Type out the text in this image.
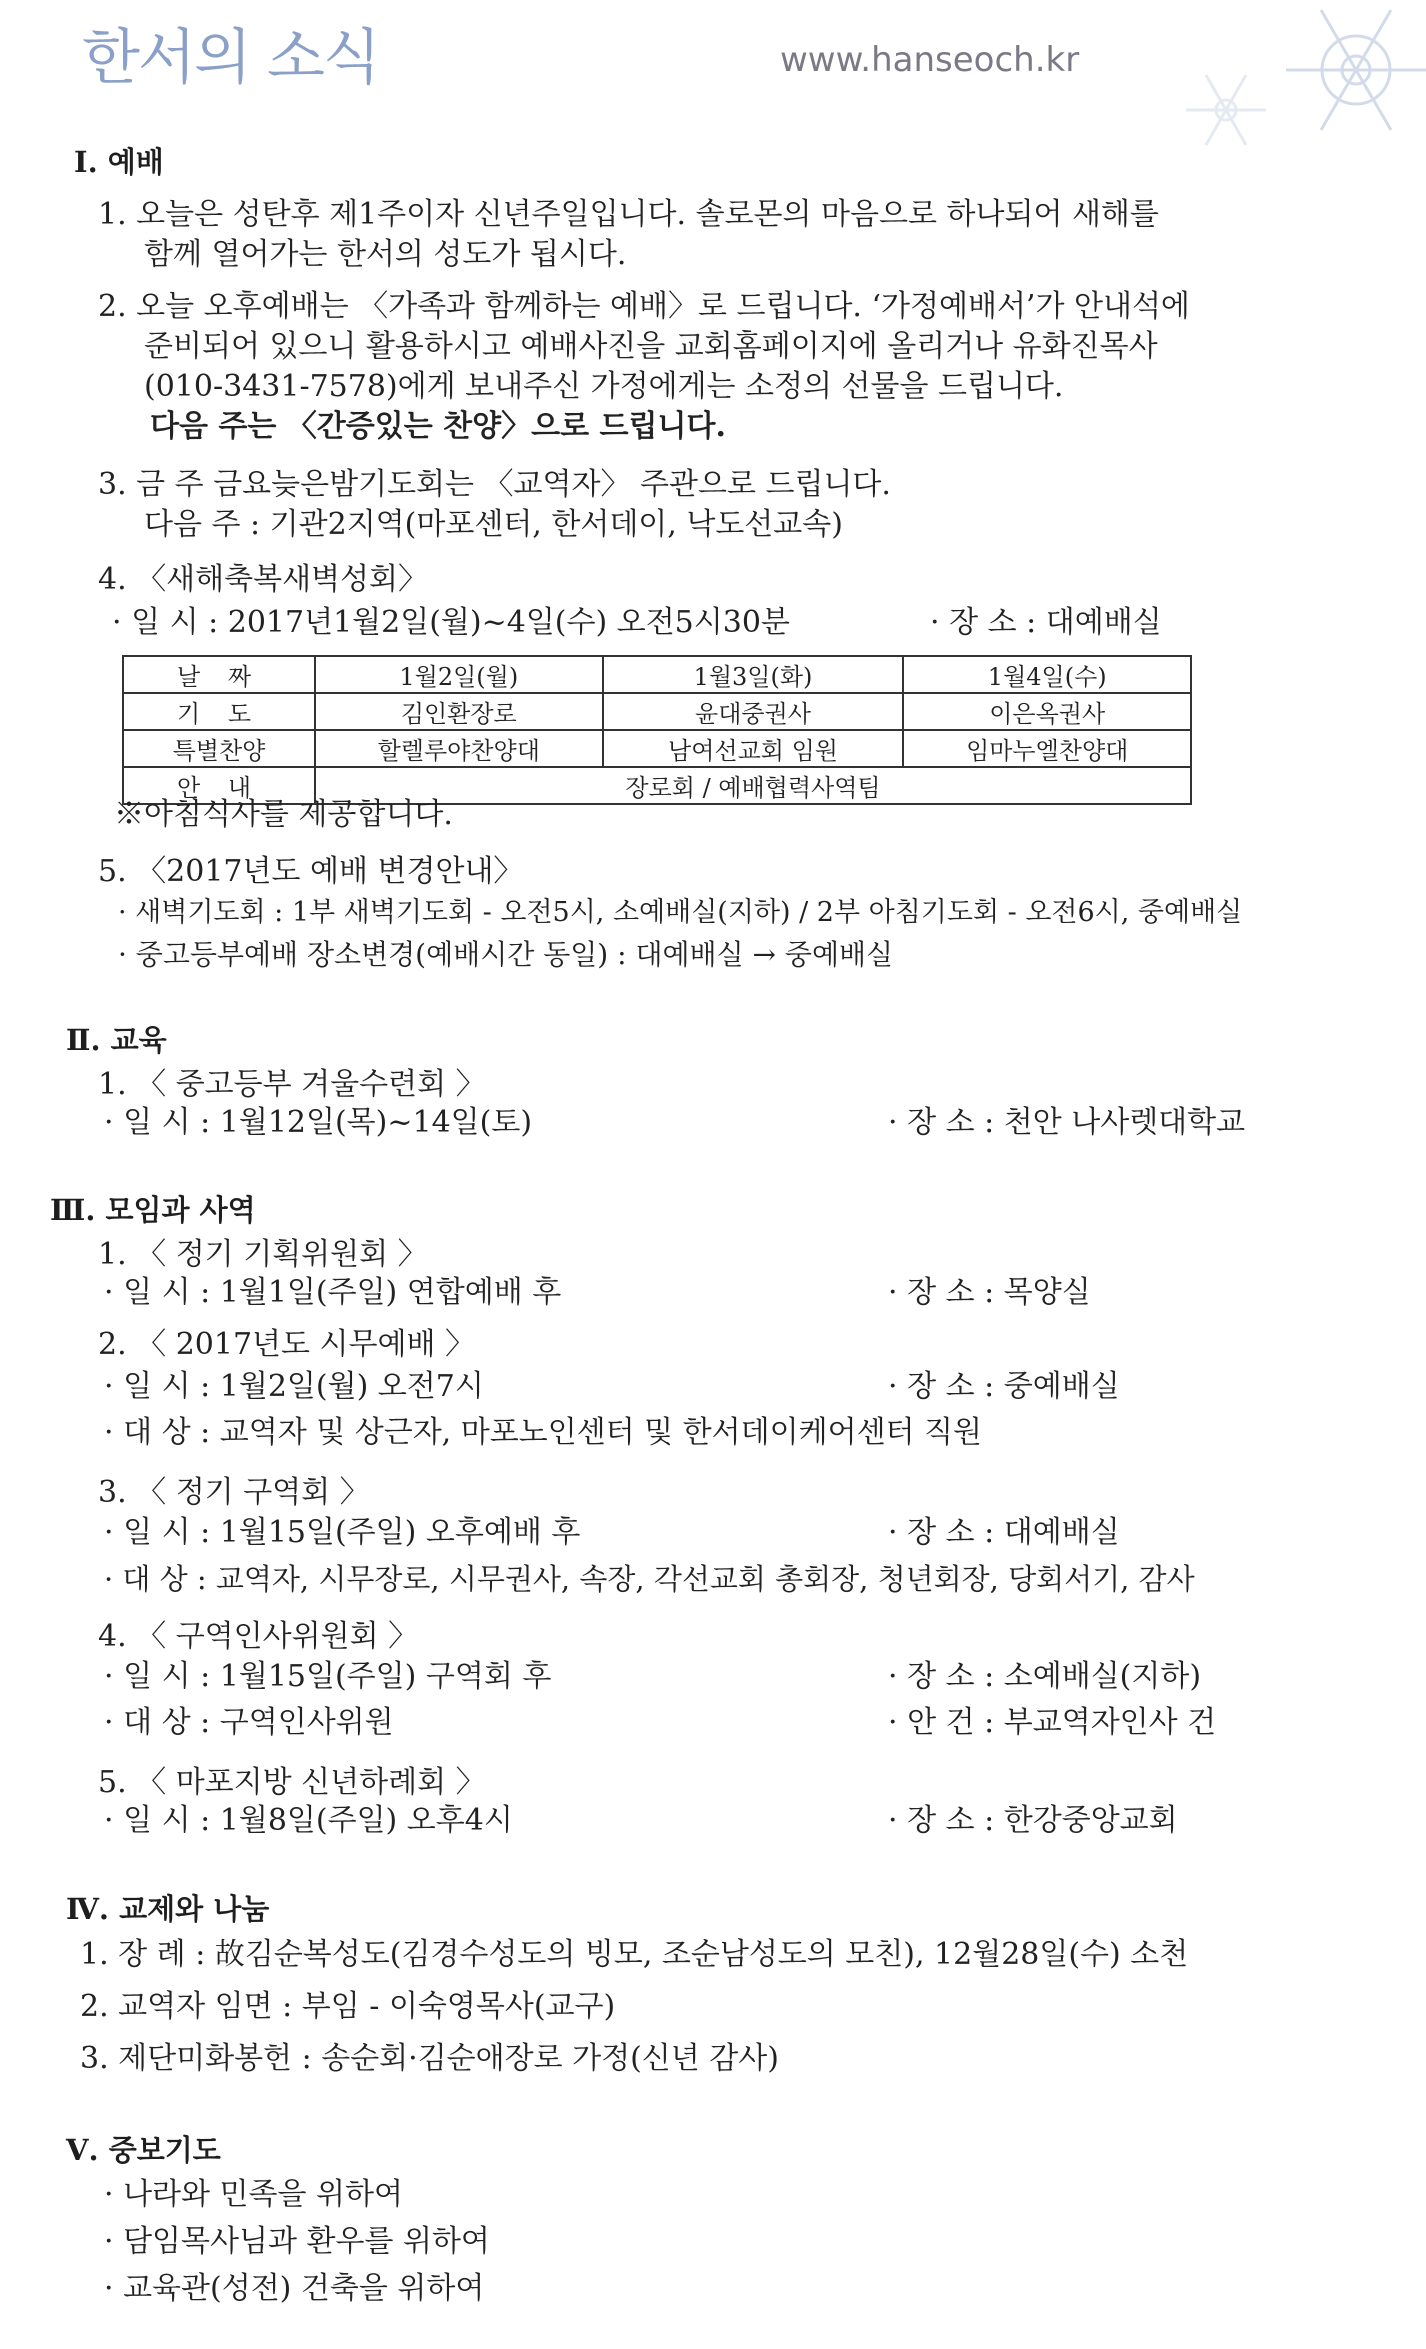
한서의 소식	www.hanseoch.kr
Ⅰ. 예배
1. 오늘은 성탄후 제1주이자 신년주일입니다. 솔로몬의 마음으로 하나되어 새해를
함께 열어가는 한서의 성도가 됩시다.
2. 오늘 오후예배는 〈가족과 함께하는 예배〉로 드립니다. ‘가정예배서’가 안내석에
준비되어 있으니 활용하시고 예배사진을 교회홈페이지에 올리거나 유화진목사
(010-3431-7578)에게 보내주신 가정에게는 소정의 선물을 드립니다.
다음 주는 〈간증있는 찬양〉으로 드립니다.
3. 금 주 금요늦은밤기도회는 〈교역자〉 주관으로 드립니다.
다음 주 : 기관2지역(마포센터, 한서데이, 낙도선교속)
4. 〈새해축복새벽성회〉
· 일 시 : 2017년1월2일(월)~4일(수) 오전5시30분	· 장 소 : 대예배실
날 짜	1월2일(월)	1월3일(화)	1월4일(수)
기 도	김인환장로	윤대중권사	이은옥권사
특별찬양	할렐루야찬양대	남여선교회 임원	임마누엘찬양대
안 내	장로회 / 예배협력사역팀		
※아침식사를 제공합니다.
5. 〈2017년도 예배 변경안내〉
· 새벽기도회 : 1부 새벽기도회 - 오전5시, 소예배실(지하) / 2부 아침기도회 - 오전6시, 중예배실
· 중고등부예배 장소변경(예배시간 동일) : 대예배실 → 중예배실
Ⅱ. 교육
1. 〈 중고등부 겨울수련회 〉
· 일 시 : 1월12일(목)~14일(토)	· 장 소 : 천안 나사렛대학교
Ⅲ. 모임과 사역
1. 〈 정기 기획위원회 〉
· 일 시 : 1월1일(주일) 연합예배 후	· 장 소 : 목양실
2. 〈 2017년도 시무예배 〉
· 일 시 : 1월2일(월) 오전7시	· 장 소 : 중예배실
· 대 상 : 교역자 및 상근자, 마포노인센터 및 한서데이케어센터 직원
3. 〈 정기 구역회 〉
· 일 시 : 1월15일(주일) 오후예배 후	· 장 소 : 대예배실
· 대 상 : 교역자, 시무장로, 시무권사, 속장, 각선교회 총회장, 청년회장, 당회서기, 감사
4. 〈 구역인사위원회 〉
· 일 시 : 1월15일(주일) 구역회 후	· 장 소 : 소예배실(지하)
· 대 상 : 구역인사위원	· 안 건 : 부교역자인사 건
5. 〈 마포지방 신년하례회 〉
· 일 시 : 1월8일(주일) 오후4시	· 장 소 : 한강중앙교회
Ⅳ. 교제와 나눔
1. 장 례 : 故김순복성도(김경수성도의 빙모, 조순남성도의 모친), 12월28일(수) 소천
2. 교역자 임면 : 부임 - 이숙영목사(교구)
3. 제단미화봉헌 : 송순회·김순애장로 가정(신년 감사)
Ⅴ. 중보기도
· 나라와 민족을 위하여
· 담임목사님과 환우를 위하여
· 교육관(성전) 건축을 위하여
